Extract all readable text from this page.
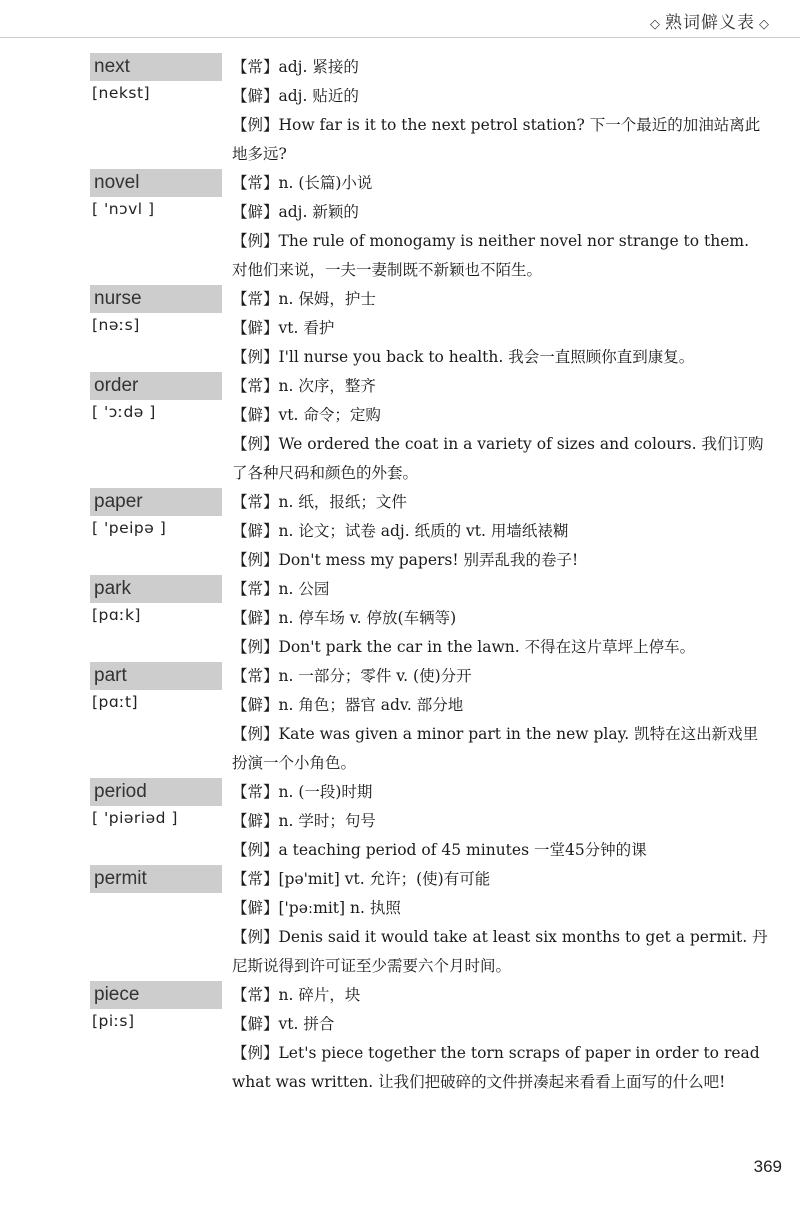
◇ 熟词僻义表 ◇
next
[nekst]
【常】adj. 紧接的
【僻】adj. 贴近的
【例】How far is it to the next petrol station? 下一个最近的加油站离此地多远?
novel
[ 'nɔvl ]
【常】n. (长篇)小说
【僻】adj. 新颖的
【例】The rule of monogamy is neither novel nor strange to them. 对他们来说，一夫一妻制既不新颖也不陌生。
nurse
[nəːs]
【常】n. 保姆，护士
【僻】vt. 看护
【例】I'll nurse you back to health. 我会一直照顾你直到康复。
order
[ 'ɔːdə ]
【常】n. 次序，整齐
【僻】vt. 命令；定购
【例】We ordered the coat in a variety of sizes and colours. 我们订购了各种尺码和颜色的外套。
paper
[ 'peipə ]
【常】n. 纸，报纸；文件
【僻】n. 论文；试卷 adj. 纸质的 vt. 用墙纸裱糊
【例】Don't mess my papers! 别弄乱我的卷子!
park
[pɑːk]
【常】n. 公园
【僻】n. 停车场 v. 停放(车辆等)
【例】Don't park the car in the lawn. 不得在这片草坪上停车。
part
[pɑːt]
【常】n. 一部分；零件 v. (使)分开
【僻】n. 角色；器官 adv. 部分地
【例】Kate was given a minor part in the new play. 凯特在这出新戏里扮演一个小角色。
period
[ 'piəriəd ]
【常】n. (一段)时期
【僻】n. 学时；句号
【例】a teaching period of 45 minutes 一堂45分钟的课
permit	【常】[pə'mit] vt. 允许；(使)有可能
【僻】['pəːmit] n. 执照
【例】Denis said it would take at least six months to get a permit. 丹尼斯说得到许可证至少需要六个月时间。
piece
[piːs]
【常】n. 碎片，块
【僻】vt. 拼合
【例】Let's piece together the torn scraps of paper in order to read what was written. 让我们把破碎的文件拼凑起来看看上面写的什么吧!
369
